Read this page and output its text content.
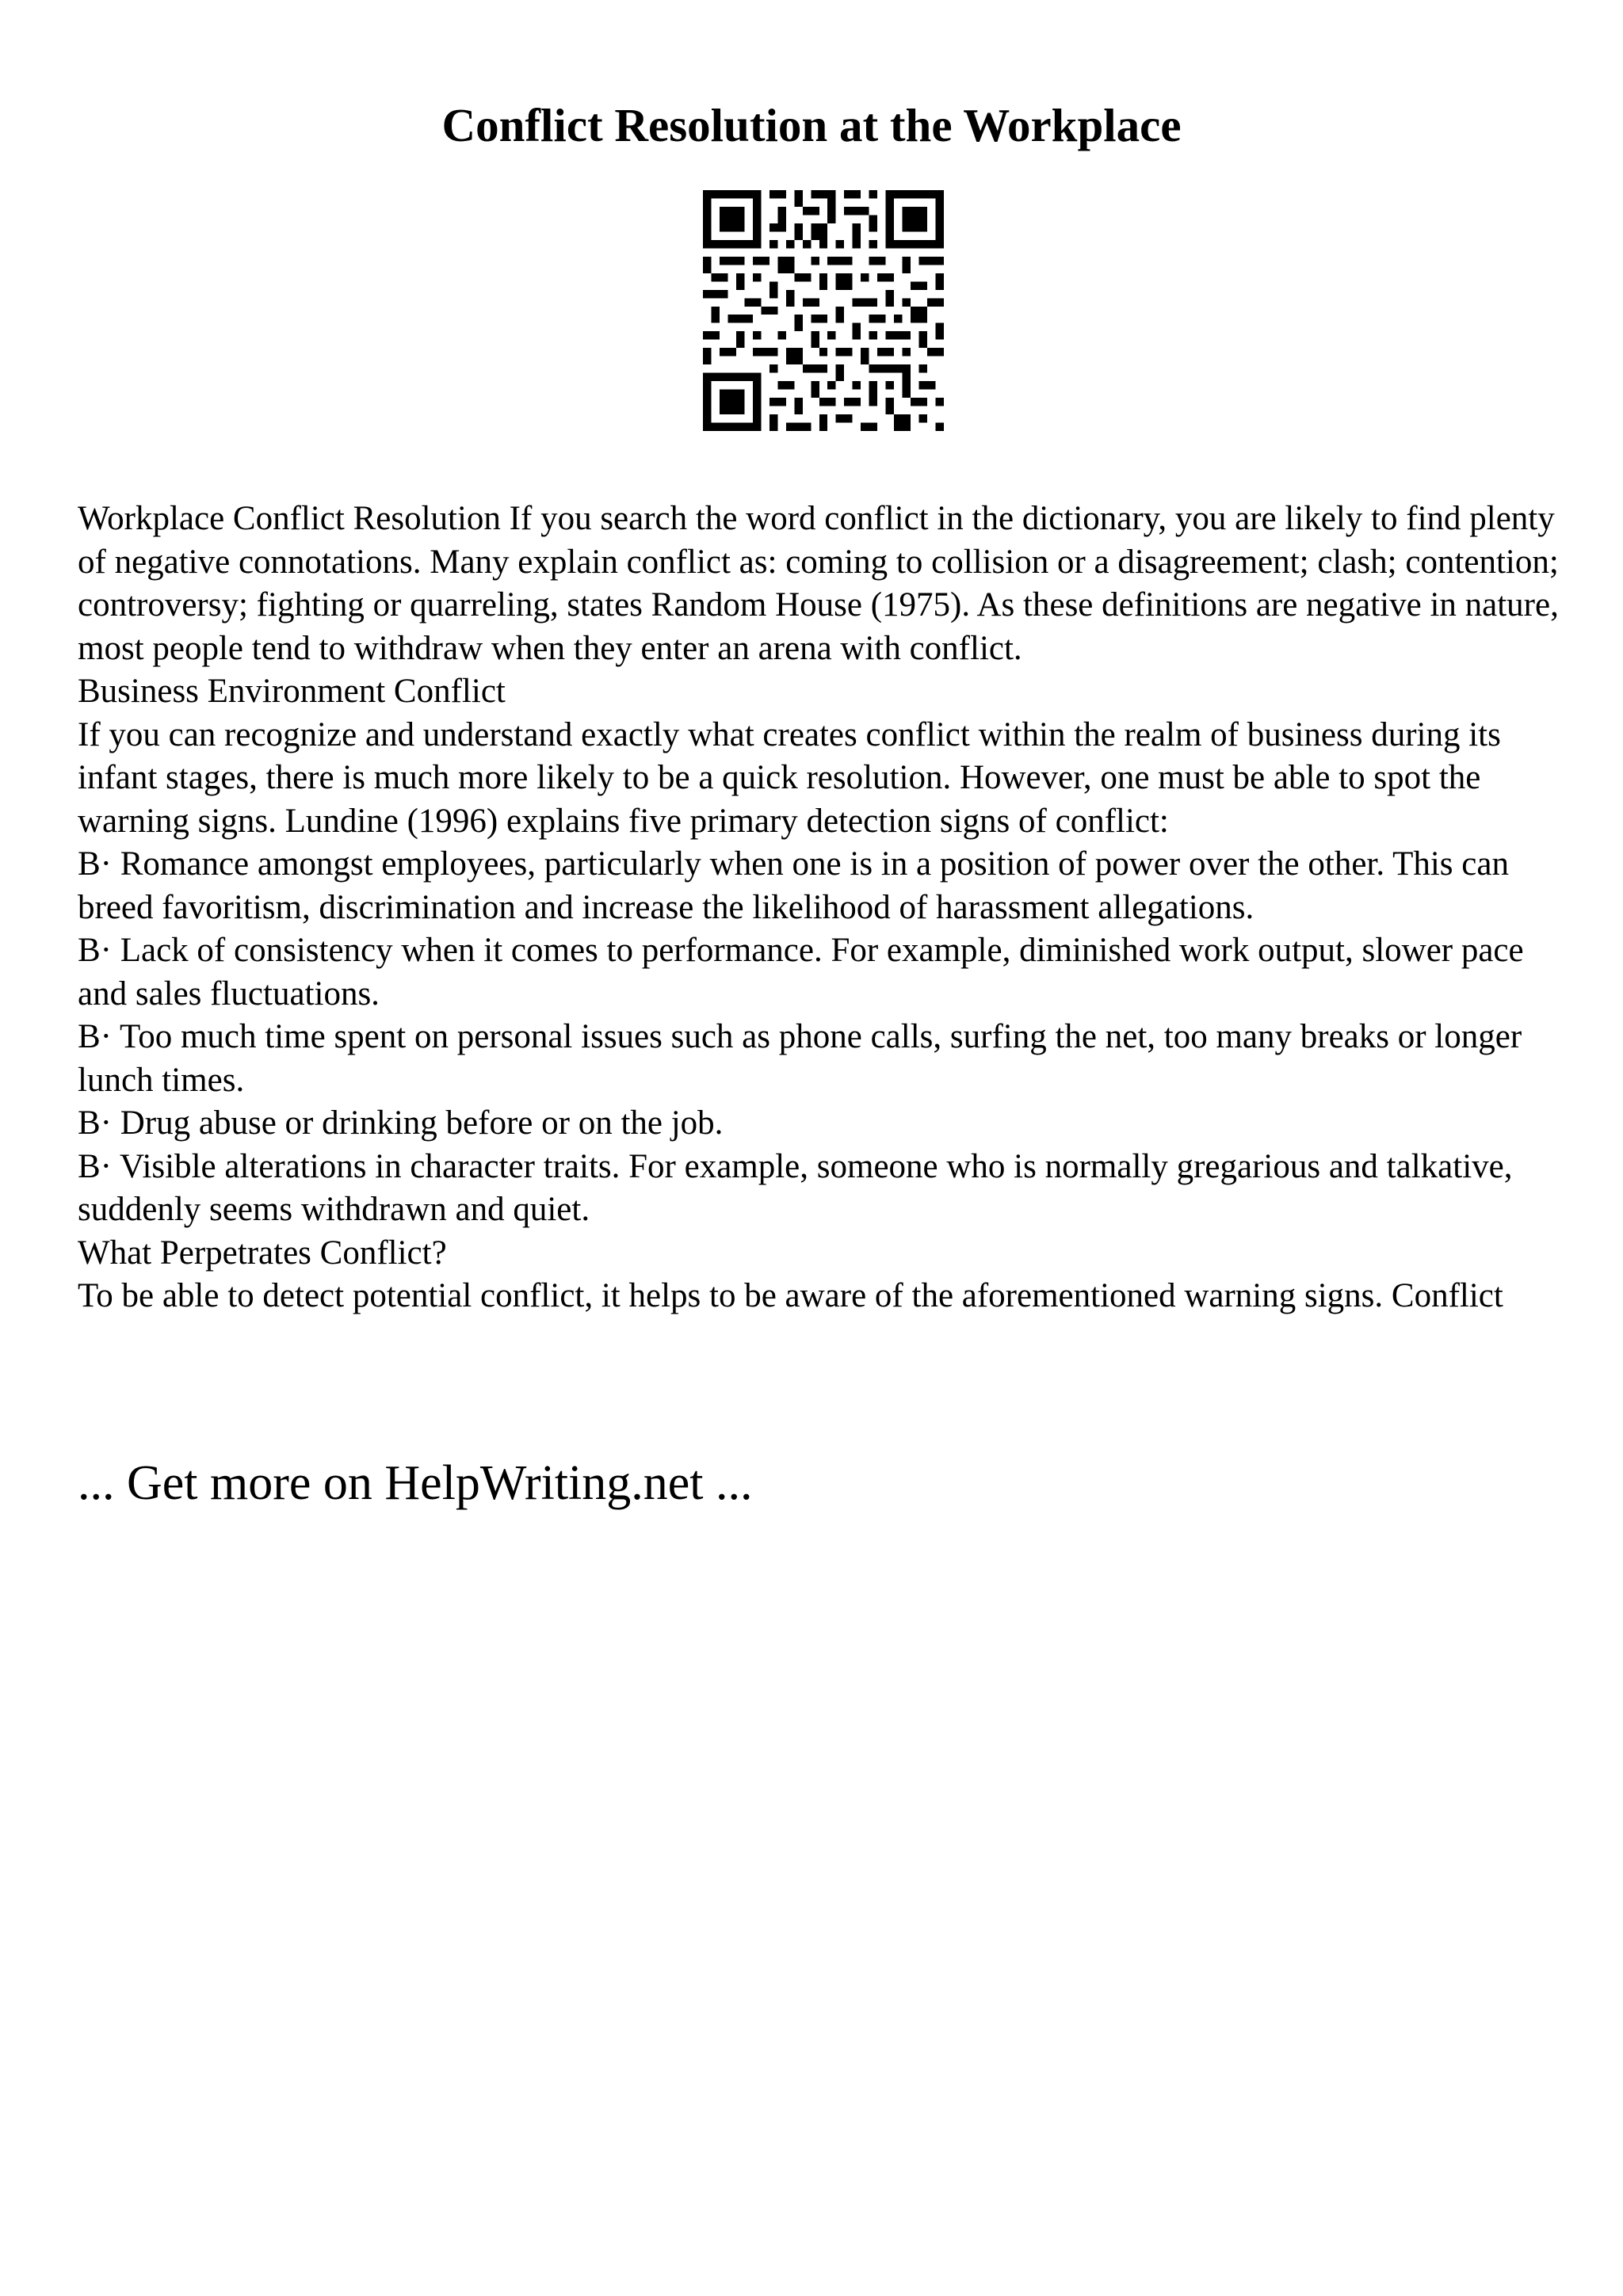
Conflict Resolution at the Workplace

Workplace Conflict Resolution If you search the word conflict in the dictionary, you are likely to find plenty of negative connotations. Many explain conflict as: coming to collision or a disagreement; clash; contention; controversy; fighting or quarreling, states Random House (1975). As these definitions are negative in nature, most people tend to withdraw when they enter an arena with conflict.

Business Environment Conflict

If you can recognize and understand exactly what creates conflict within the realm of business during its infant stages, there is much more likely to be a quick resolution. However, one must be able to spot the warning signs. Lundine (1996) explains five primary detection signs of conflict:

B· Romance amongst employees, particularly when one is in a position of power over the other. This can breed favoritism, discrimination and increase the likelihood of harassment allegations.

B· Lack of consistency when it comes to performance. For example, diminished work output, slower pace and sales fluctuations.

B· Too much time spent on personal issues such as phone calls, surfing the net, too many breaks or longer lunch times.

B· Drug abuse or drinking before or on the job.

B· Visible alterations in character traits. For example, someone who is normally gregarious and talkative, suddenly seems withdrawn and quiet.

What Perpetrates Conflict?

To be able to detect potential conflict, it helps to be aware of the aforementioned warning signs. Conflict

... Get more on HelpWriting.net ...
